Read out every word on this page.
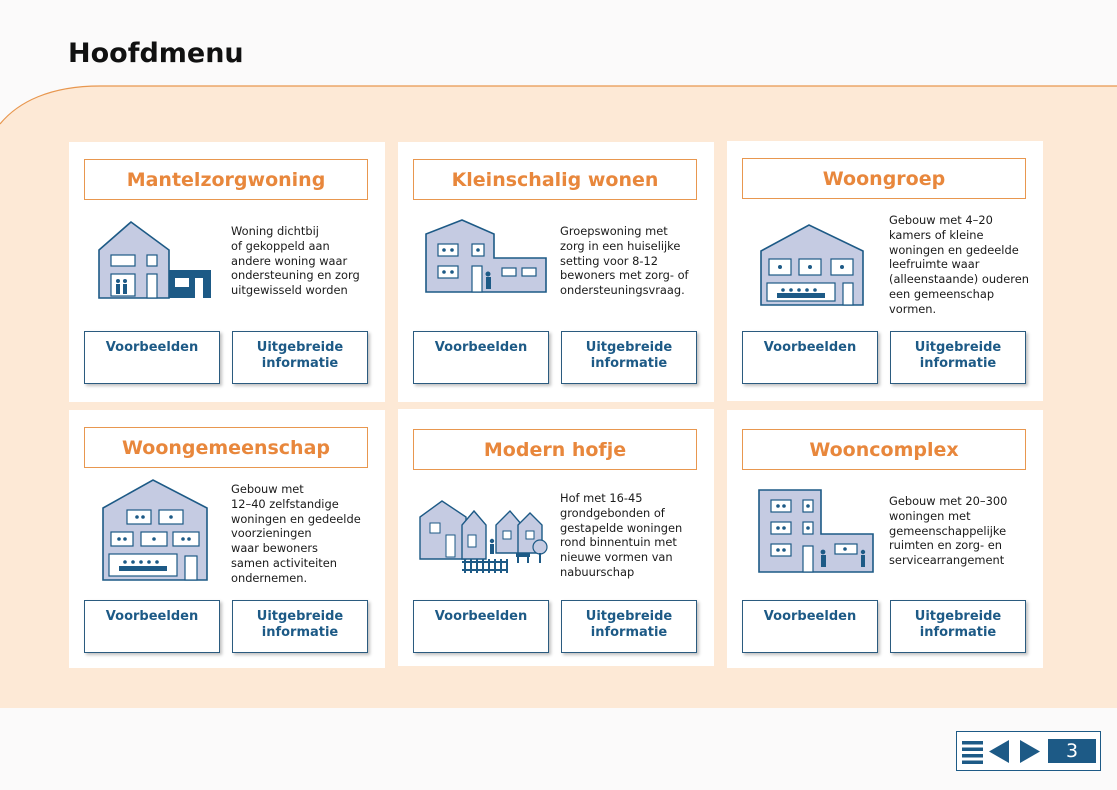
Hoofdmenu
Mantelzorgwoning
Woning dichtbij
of gekoppeld aan
andere woning waar
ondersteuning en zorg
uitgewisseld worden
Voorbeelden	Uitgebreide
informatie
Kleinschalig wonen
Groepswoning met
zorg in een huiselijke
setting voor 8-12
bewoners met zorg- of
ondersteuningsvraag.
Voorbeelden	Uitgebreide
informatie
Woongroep
Gebouw met 4–20
kamers of kleine
woningen en gedeelde
leefruimte waar
(alleenstaande) ouderen
een gemeenschap
vormen.
Voorbeelden	Uitgebreide
informatie
Woongemeenschap
Gebouw met
12–40 zelfstandige
woningen en gedeelde
voorzieningen
waar bewoners
samen activiteiten
ondernemen.
Voorbeelden	Uitgebreide
informatie
Modern hofje
Hof met 16-45
grondgebonden of
gestapelde woningen
rond binnentuin met
nieuwe vormen van
nabuurschap
Voorbeelden	Uitgebreide
informatie
Wooncomplex
Gebouw met 20–300
woningen met
gemeenschappelijke
ruimten en zorg- en
servicearrangement
Voorbeelden	Uitgebreide
informatie
3
